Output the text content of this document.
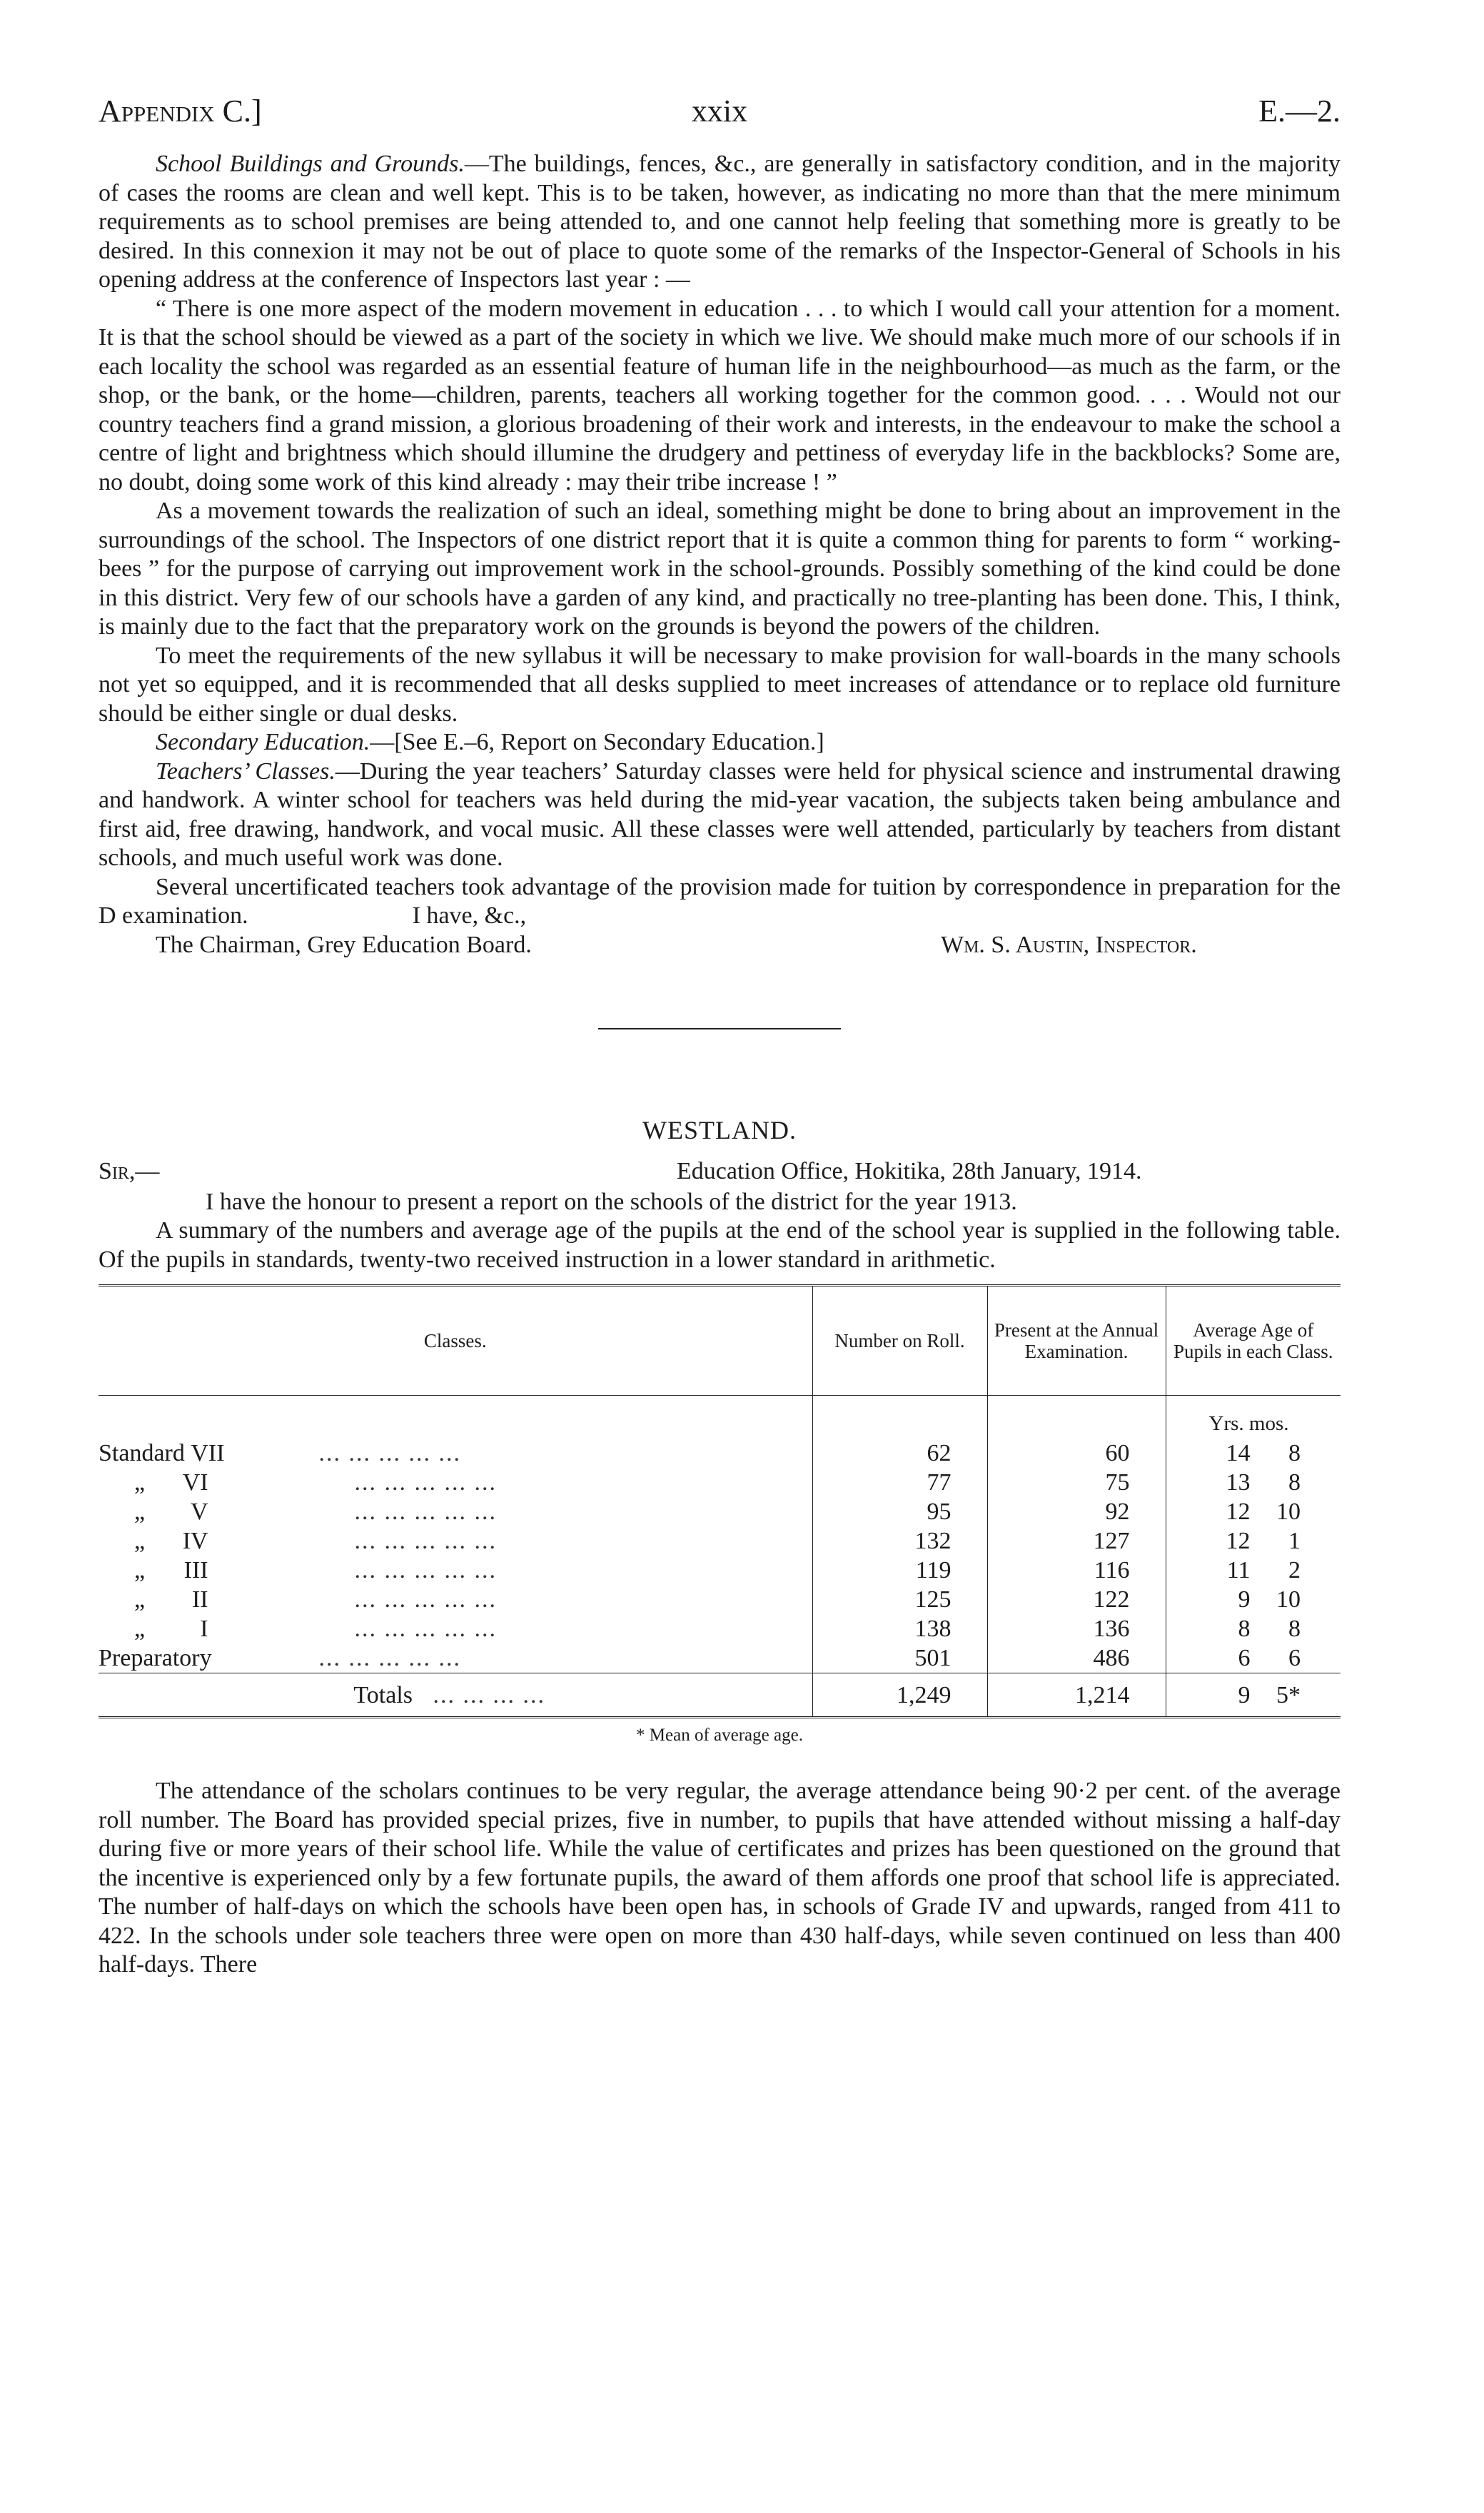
Appendix C.]	xxix	E.—2.

School Buildings and Grounds.—The buildings, fences, &c., are generally in satisfactory condition, and in the majority of cases the rooms are clean and well kept. This is to be taken, however, as indicating no more than that the mere minimum requirements as to school premises are being attended to, and one cannot help feeling that something more is greatly to be desired. In this connexion it may not be out of place to quote some of the remarks of the Inspector-General of Schools in his opening address at the conference of Inspectors last year : —

“ There is one more aspect of the modern movement in education . . . to which I would call your attention for a moment. It is that the school should be viewed as a part of the society in which we live. We should make much more of our schools if in each locality the school was regarded as an essential feature of human life in the neighbourhood—as much as the farm, or the shop, or the bank, or the home—children, parents, teachers all working together for the common good. . . . Would not our country teachers find a grand mission, a glorious broadening of their work and interests, in the endeavour to make the school a centre of light and brightness which should illumine the drudgery and pettiness of everyday life in the backblocks? Some are, no doubt, doing some work of this kind already : may their tribe increase ! ”

As a movement towards the realization of such an ideal, something might be done to bring about an improvement in the surroundings of the school. The Inspectors of one district report that it is quite a common thing for parents to form “ working-bees ” for the purpose of carrying out improvement work in the school-grounds. Possibly something of the kind could be done in this district. Very few of our schools have a garden of any kind, and practically no tree-planting has been done. This, I think, is mainly due to the fact that the preparatory work on the grounds is beyond the powers of the children.

To meet the requirements of the new syllabus it will be necessary to make provision for wall-boards in the many schools not yet so equipped, and it is recommended that all desks supplied to meet increases of attendance or to replace old furniture should be either single or dual desks.

Secondary Education.—[See E.–6, Report on Secondary Education.]

Teachers’ Classes.—During the year teachers’ Saturday classes were held for physical science and instrumental drawing and handwork. A winter school for teachers was held during the mid-year vacation, the subjects taken being ambulance and first aid, free drawing, handwork, and vocal music. All these classes were well attended, particularly by teachers from distant schools, and much useful work was done.

Several uncertificated teachers took advantage of the provision made for tuition by correspondence in preparation for the D examination.	I have, &c.,

The Chairman, Grey Education Board.	Wm. S. Austin, Inspector.
WESTLAND.
Sir,—	Education Office, Hokitika, 28th January, 1914.

I have the honour to present a report on the schools of the district for the year 1913.

A summary of the numbers and average age of the pupils at the end of the school year is supplied in the following table. Of the pupils in standards, twenty-two received instruction in a lower standard in arithmetic.

Classes.	Number on Roll.	Present at the Annual Examination.	Average Age of Pupils in each Class.
			Yrs. mos.
Standard VII ... ... ... ... ...	62	60	14 8
„ VI ... ... ... ... ...	77	75	13 8
„ V ... ... ... ... ...	95	92	12 10
„ IV ... ... ... ... ...	132	127	12 1
„ III ... ... ... ... ...	119	116	11 2
„ II ... ... ... ... ...	125	122	9 10
„ I ... ... ... ... ...	138	136	8 8
Preparatory ... ... ... ... ...	501	486	6 6
Totals ... ... ... ...	1,249	1,214	9 5*
* Mean of average age.

The attendance of the scholars continues to be very regular, the average attendance being 90·2 per cent. of the average roll number. The Board has provided special prizes, five in number, to pupils that have attended without missing a half-day during five or more years of their school life. While the value of certificates and prizes has been questioned on the ground that the incentive is experienced only by a few fortunate pupils, the award of them affords one proof that school life is appreciated. The number of half-days on which the schools have been open has, in schools of Grade IV and upwards, ranged from 411 to 422. In the schools under sole teachers three were open on more than 430 half-days, while seven continued on less than 400 half-days. There
